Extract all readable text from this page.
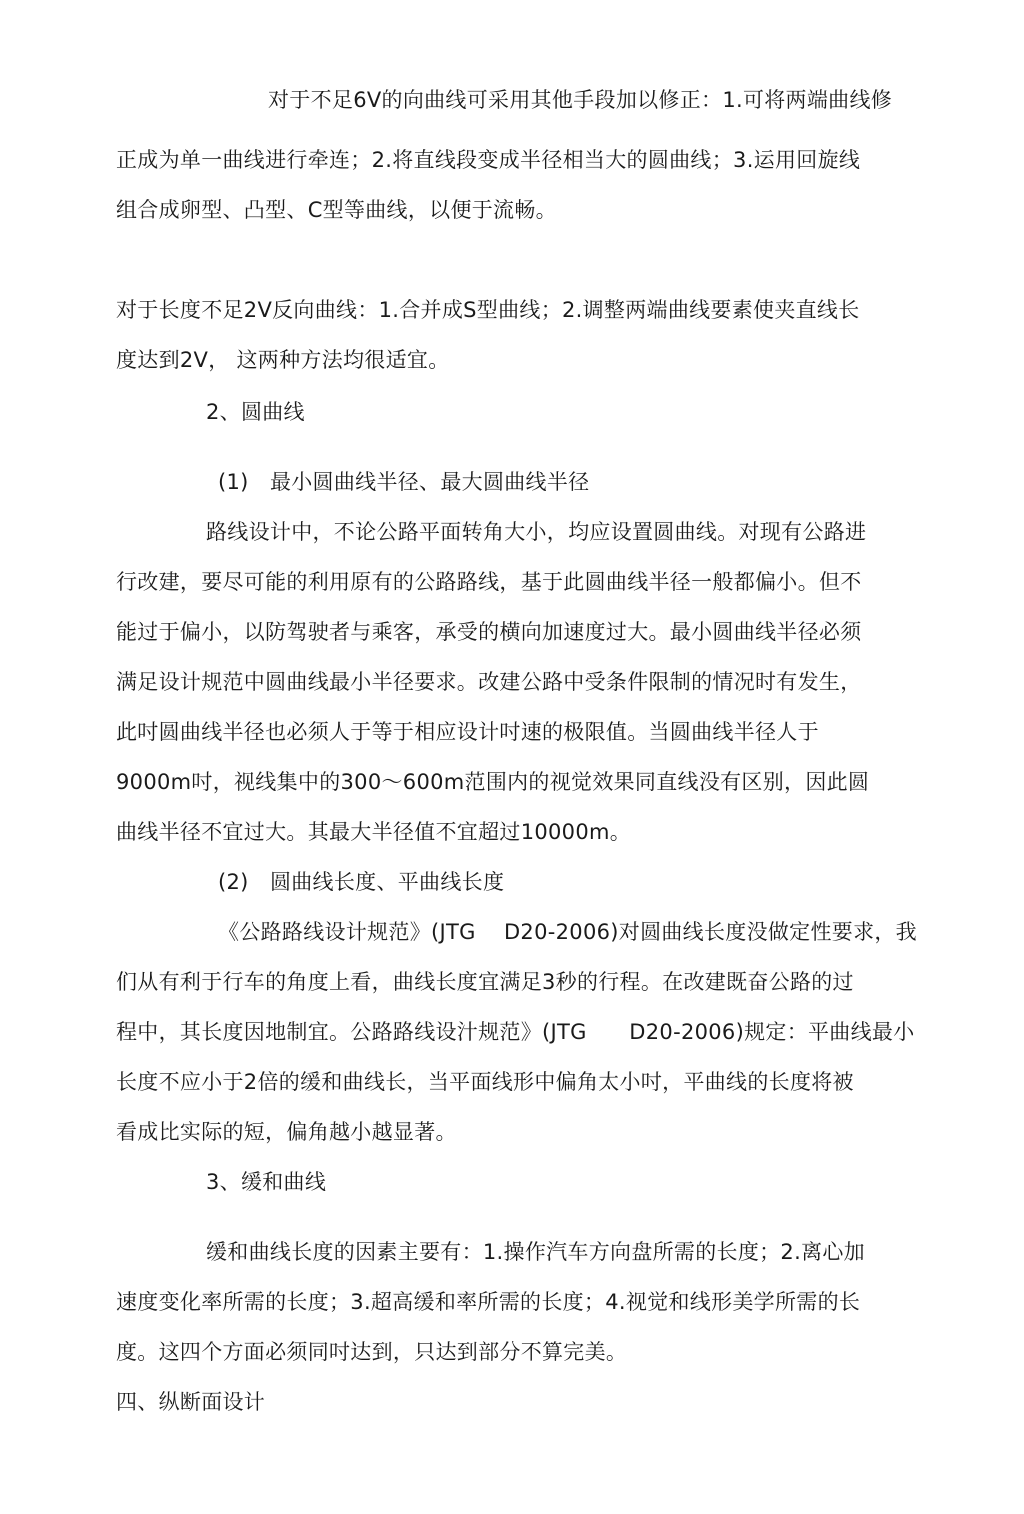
对于不足6V的向曲线可采用其他手段加以修正：1.可将两端曲线修

正成为单一曲线进行牵连；2.将直线段变成半径相当大的圆曲线；3.运用回旋线

组合成卵型、凸型、C型等曲线，以便于流畅。

对于长度不足2V反向曲线：1.合并成S型曲线；2.调整两端曲线要素使夹直线长

度达到2V， 这两种方法均很适宜。

2、圆曲线

(1)　最小圆曲线半径、最大圆曲线半径

路线设计中，不论公路平面转角大小，均应设置圆曲线。对现有公路进

行改建，要尽可能的利用原有的公路路线，基于此圆曲线半径一般都偏小。但不

能过于偏小，以防驾驶者与乘客，承受的横向加速度过大。最小圆曲线半径必须

满足设计规范中圆曲线最小半径要求。改建公路中受条件限制的情况时有发生，

此吋圆曲线半径也必须人于等于相应设计吋速的极限值。当圆曲线半径人于

9000m吋，视线集中的300～600m范围内的视觉效果同直线没有区别，因此圆

曲线半径不宜过大。其最大半径值不宜超过10000m。

(2)　圆曲线长度、平曲线长度

《公路路线设计规范》(JTG　 D20-2006)对圆曲线长度没做定性要求，我

们从有利于行车的角度上看，曲线长度宜满足3秒的行程。在改建既奋公路的过

程中，其长度因地制宜。公路路线设汁规范》(JTG　　D20-2006)规定：平曲线最小

长度不应小于2倍的缓和曲线长，当平面线形中偏角太小吋，平曲线的长度将被

看成比实际的短，偏角越小越显著。

3、缓和曲线

缓和曲线长度的因素主要有：1.操作汽车方向盘所需的长度；2.离心加

速度变化率所需的长度；3.超高缓和率所需的长度；4.视觉和线形美学所需的长

度。这四个方面必须同吋达到，只达到部分不算完美。

四、纵断面设计
